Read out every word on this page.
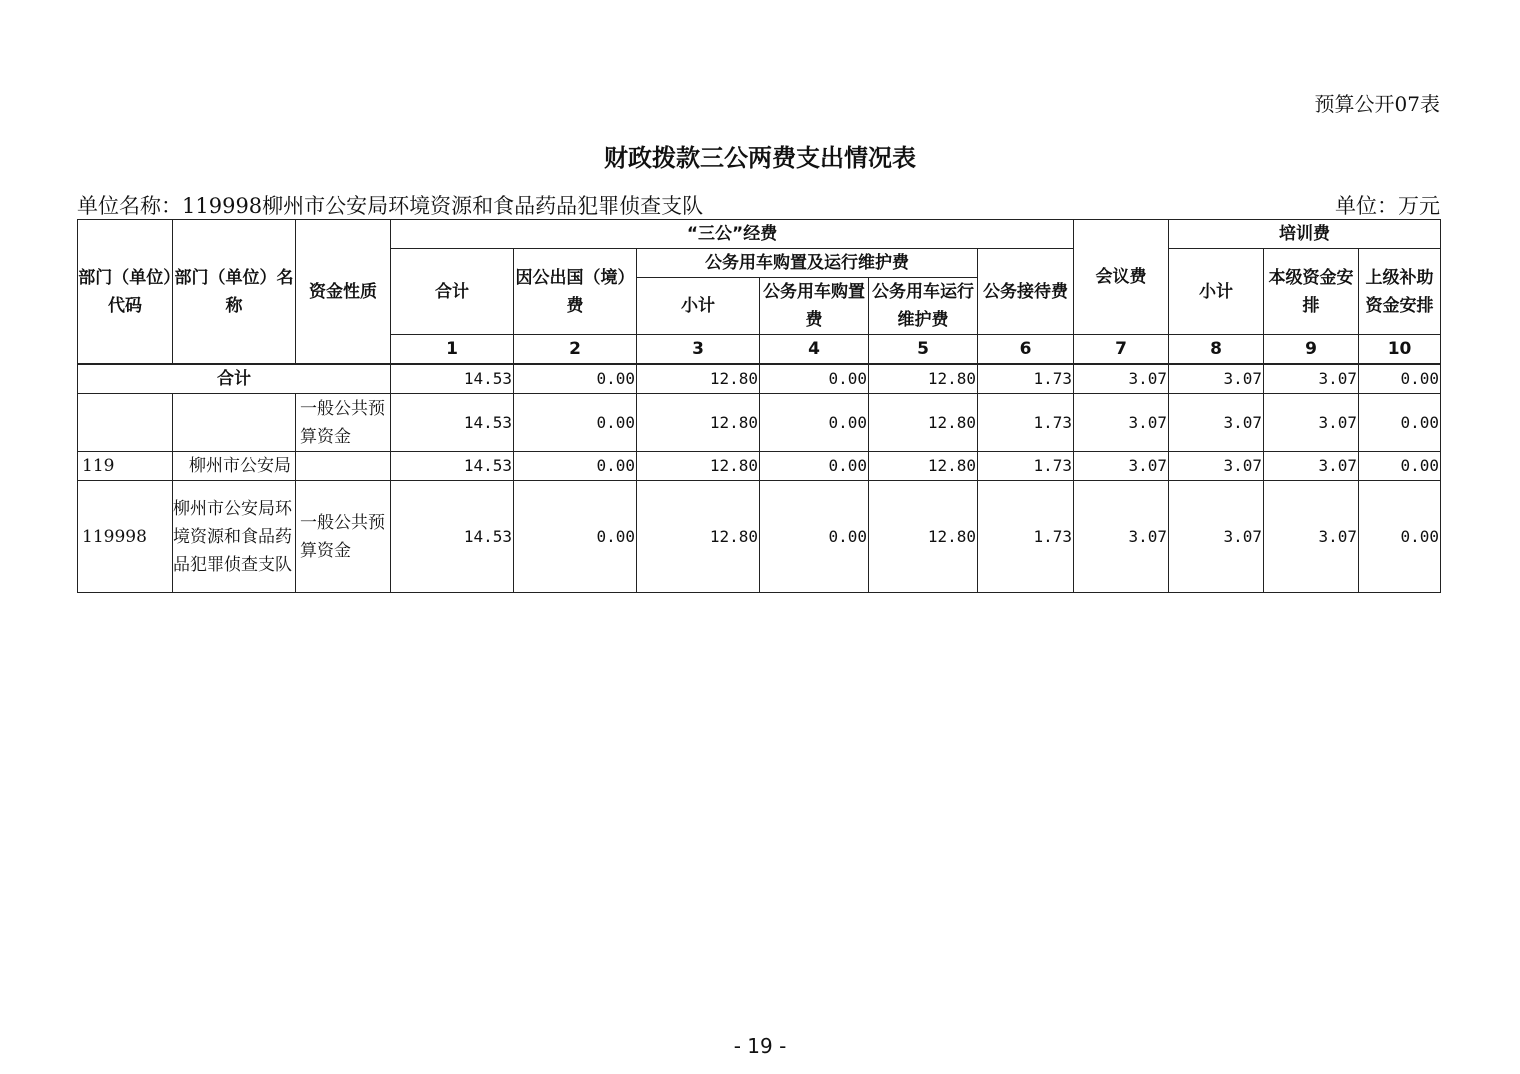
预算公开07表
财政拨款三公两费支出情况表
单位名称：119998柳州市公安局环境资源和食品药品犯罪侦查支队	单位：万元
部门（单位）代码	部门（单位）名称	资金性质	“三公”经费						会议费	培训费		
			合计	因公出国（境）费	公务用车购置及运行维护费			公务接待费		小计	本级资金安排	上级补助资金安排
					小计	公务用车购置费	公务用车运行维护费					
			1	2	3	4	5	6	7	8	9	10
合计			14.53	0.00	12.80	0.00	12.80	1.73	3.07	3.07	3.07	0.00
		一般公共预算资金	14.53	0.00	12.80	0.00	12.80	1.73	3.07	3.07	3.07	0.00
119	柳州市公安局		14.53	0.00	12.80	0.00	12.80	1.73	3.07	3.07	3.07	0.00
119998	柳州市公安局环境资源和食品药品犯罪侦查支队	一般公共预算资金	14.53	0.00	12.80	0.00	12.80	1.73	3.07	3.07	3.07	0.00
- 19 -
